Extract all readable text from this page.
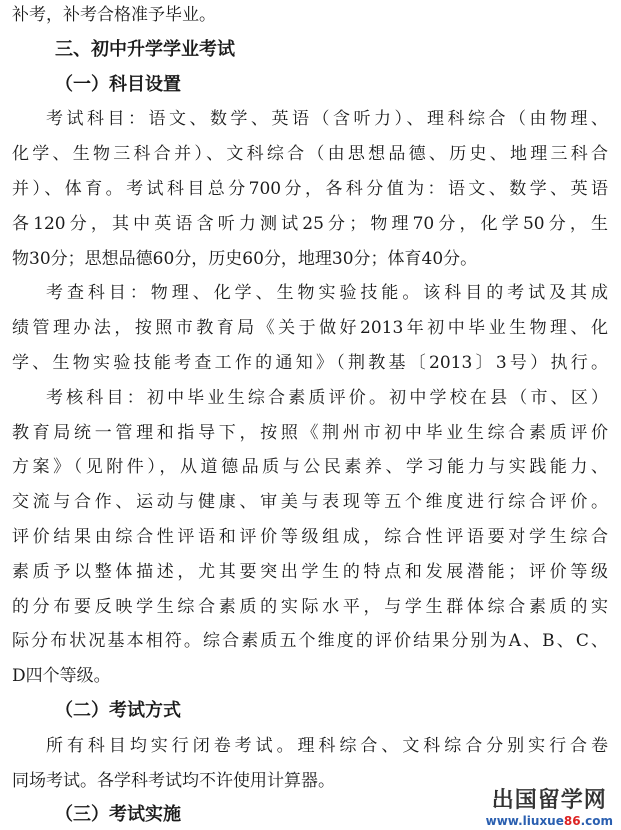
补考，补考合格准予毕业。
三、初中升学学业考试
（一）科目设置
考试科目：语文、数学、英语（含听力）、理科综合（由物理、
化学、生物三科合并）、文科综合（由思想品德、历史、地理三科合
并）、体育。考试科目总分700分，各科分值为：语文、数学、英语
各120分，其中英语含听力测试25分；物理70分，化学50分，生
物30分；思想品德60分，历史60分，地理30分；体育40分。
考查科目：物理、化学、生物实验技能。该科目的考试及其成
绩管理办法，按照市教育局《关于做好2013年初中毕业生物理、化
学、生物实验技能考查工作的通知》（荆教基〔2013〕3号）执行。
考核科目：初中毕业生综合素质评价。初中学校在县（市、区）
教育局统一管理和指导下，按照《荆州市初中毕业生综合素质评价
方案》（见附件），从道德品质与公民素养、学习能力与实践能力、
交流与合作、运动与健康、审美与表现等五个维度进行综合评价。
评价结果由综合性评语和评价等级组成，综合性评语要对学生综合
素质予以整体描述，尤其要突出学生的特点和发展潜能；评价等级
的分布要反映学生综合素质的实际水平，与学生群体综合素质的实
际分布状况基本相符。综合素质五个维度的评价结果分别为A、B、C、
D四个等级。
（二）考试方式
所有科目均实行闭卷考试。理科综合、文科综合分别实行合卷
同场考试。各学科考试均不许使用计算器。
（三）考试实施
出国留学网
www.liuxue86.com
